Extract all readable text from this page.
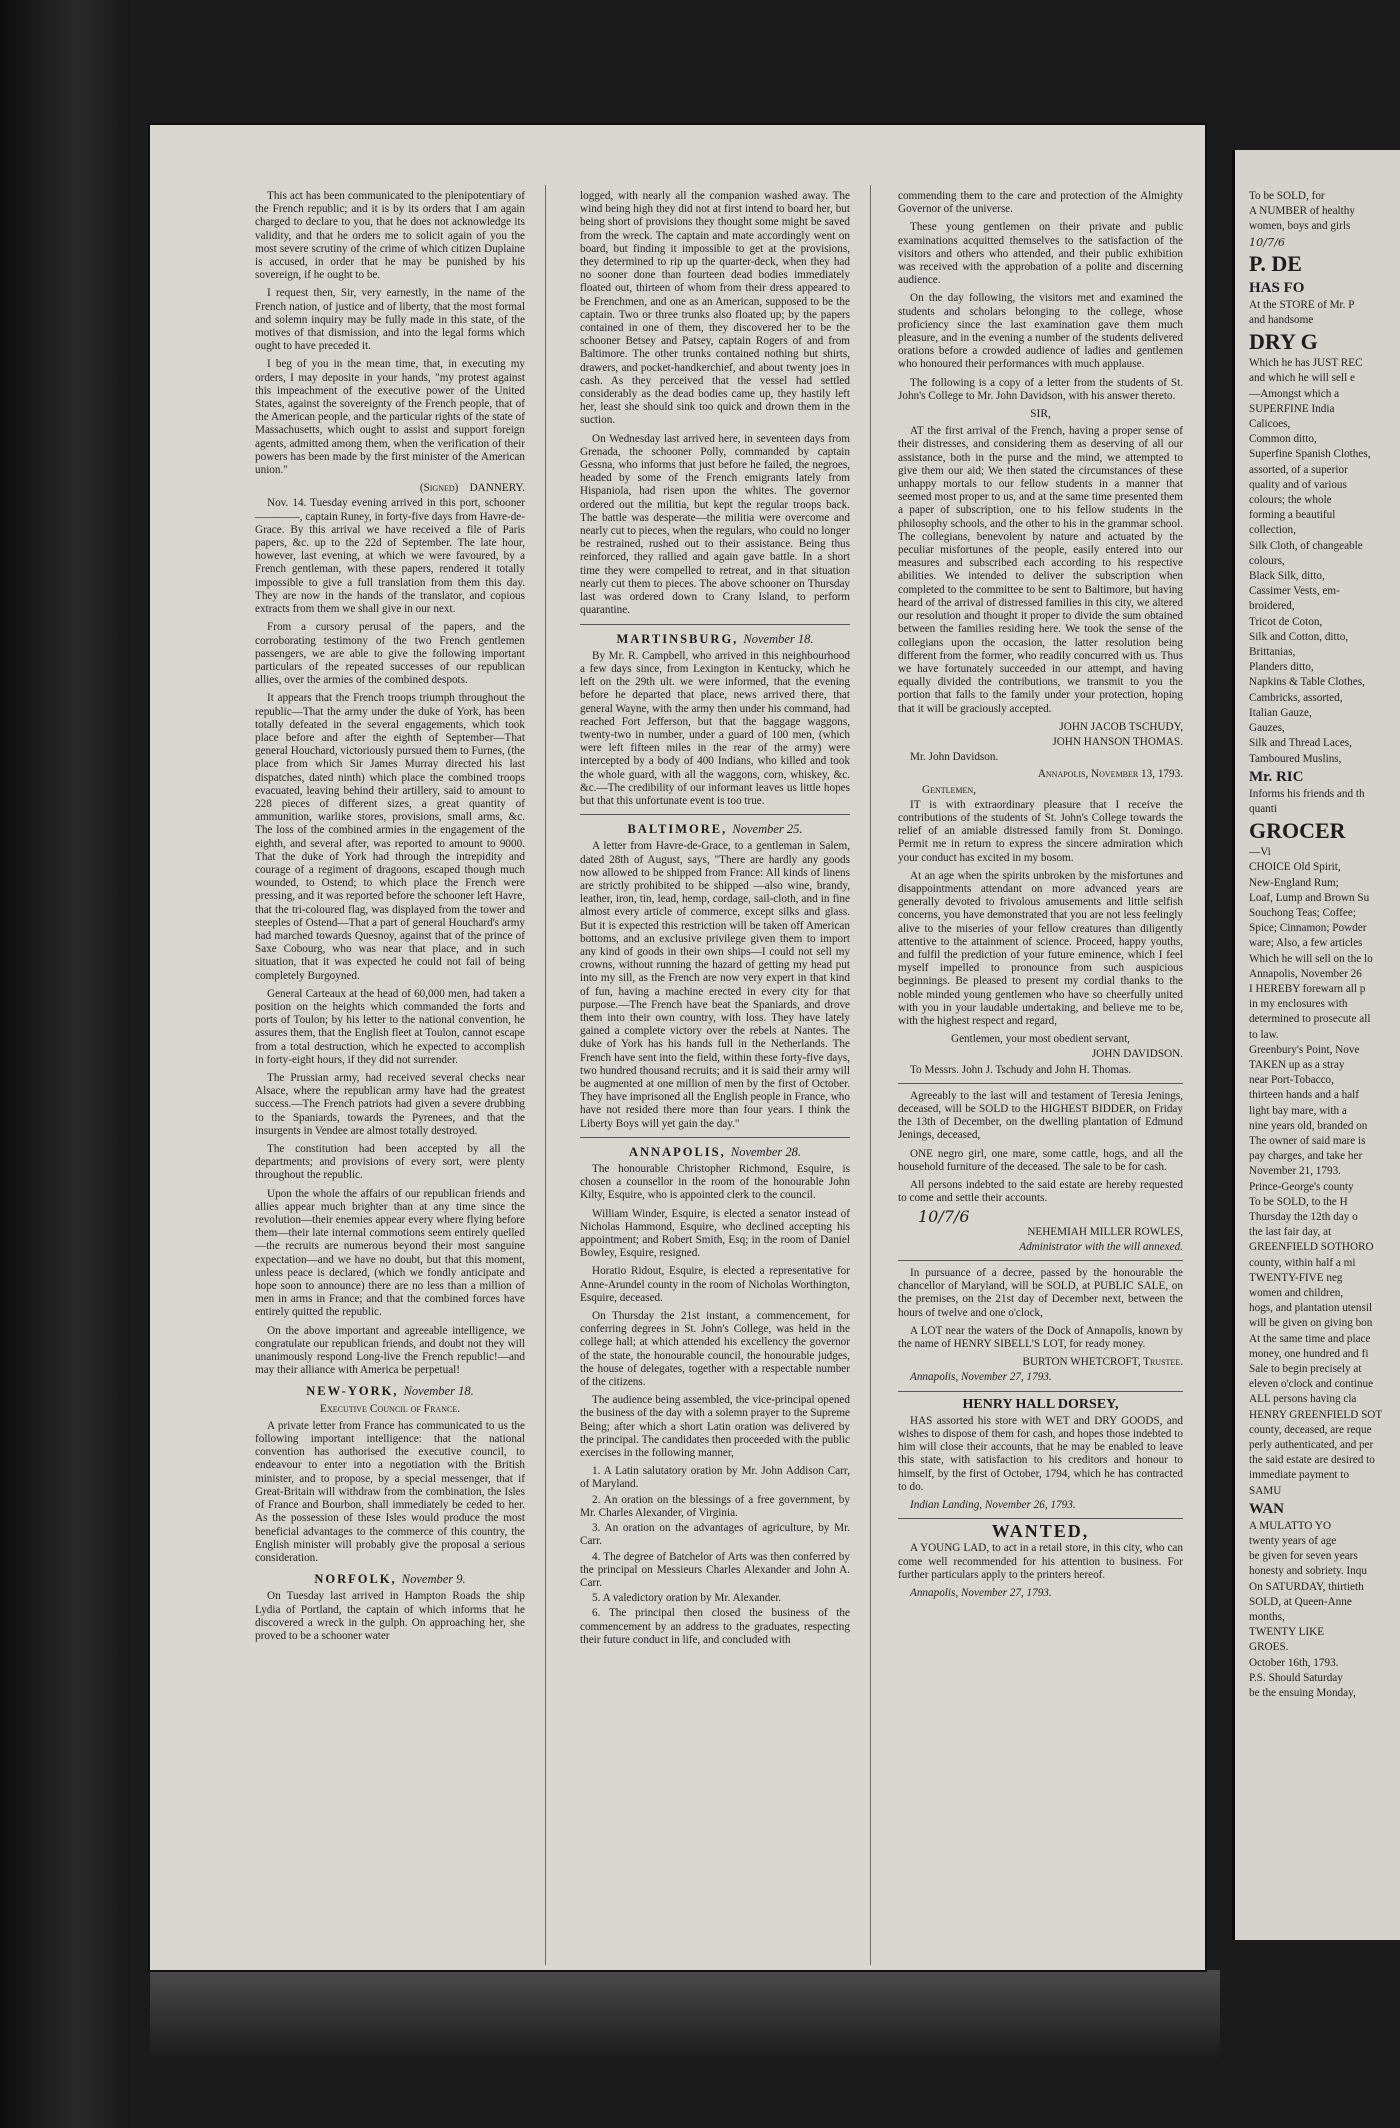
This act has been communicated to the plenipotentiary of the French republic; and it is by its orders that I am again charged to declare to you, that he does not acknowledge its validity, and that he orders me to solicit again of you the most severe scrutiny of the crime of which citizen Duplaine is accused, in order that he may be punished by his sovereign, if he ought to be.

I request then, Sir, very earnestly, in the name of the French nation, of justice and of liberty, that the most formal and solemn inquiry may be fully made in this state, of the motives of that dismission, and into the legal forms which ought to have preceded it.

I beg of you in the mean time, that, in executing my orders, I may deposite in your hands, "my protest against this impeachment of the executive power of the United States, against the sovereignty of the French people, that of the American people, and the particular rights of the state of Massachusetts, which ought to assist and support foreign agents, admitted among them, when the verification of their powers has been made by the first minister of the American union."

(Signed) DANNERY.

Nov. 14. Tuesday evening arrived in this port, schooner ————, captain Runey, in forty-five days from Havre-de-Grace. By this arrival we have received a file of Paris papers, &c. up to the 22d of September. The late hour, however, last evening, at which we were favoured, by a French gentleman, with these papers, rendered it totally impossible to give a full translation from them this day. They are now in the hands of the translator, and copious extracts from them we shall give in our next.

From a cursory perusal of the papers, and the corroborating testimony of the two French gentlemen passengers, we are able to give the following important particulars of the repeated successes of our republican allies, over the armies of the combined despots.

It appears that the French troops triumph throughout the republic—That the army under the duke of York, has been totally defeated in the several engagements, which took place before and after the eighth of September—That general Houchard, victoriously pursued them to Furnes, (the place from which Sir James Murray directed his last dispatches, dated ninth) which place the combined troops evacuated, leaving behind their artillery, said to amount to 228 pieces of different sizes, a great quantity of ammunition, warlike stores, provisions, small arms, &c. The loss of the combined armies in the engagement of the eighth, and several after, was reported to amount to 9000. That the duke of York had through the intrepidity and courage of a regiment of dragoons, escaped though much wounded, to Ostend; to which place the French were pressing, and it was reported before the schooner left Havre, that the tri-coloured flag, was displayed from the tower and steeples of Ostend—That a part of general Houchard's army had marched towards Quesnoy, against that of the prince of Saxe Cobourg, who was near that place, and in such situation, that it was expected he could not fail of being completely Burgoyned.

General Carteaux at the head of 60,000 men, had taken a position on the heights which commanded the forts and ports of Toulon; by his letter to the national convention, he assures them, that the English fleet at Toulon, cannot escape from a total destruction, which he expected to accomplish in forty-eight hours, if they did not surrender.

The Prussian army, had received several checks near Alsace, where the republican army have had the greatest success.—The French patriots had given a severe drubbing to the Spaniards, towards the Pyrenees, and that the insurgents in Vendee are almost totally destroyed.

The constitution had been accepted by all the departments; and provisions of every sort, were plenty throughout the republic.

Upon the whole the affairs of our republican friends and allies appear much brighter than at any time since the revolution—their enemies appear every where flying before them—their late internal commotions seem entirely quelled—the recruits are numerous beyond their most sanguine expectation—and we have no doubt, but that this moment, unless peace is declared, (which we fondly anticipate and hope soon to announce) there are no less than a million of men in arms in France; and that the combined forces have entirely quitted the republic.

On the above important and agreeable intelligence, we congratulate our republican friends, and doubt not they will unanimously respond Long-live the French republic!—and may their alliance with America be perpetual!

NEW-YORK, November 18.
Executive Council of France.

A private letter from France has communicated to us the following important intelligence: that the national convention has authorised the executive council, to endeavour to enter into a negotiation with the British minister, and to propose, by a special messenger, that if Great-Britain will withdraw from the combination, the Isles of France and Bourbon, shall immediately be ceded to her. As the possession of these Isles would produce the most beneficial advantages to the commerce of this country, the English minister will probably give the proposal a serious consideration.

NORFOLK, November 9.

On Tuesday last arrived in Hampton Roads the ship Lydia of Portland, the captain of which informs that he discovered a wreck in the gulph. On approaching her, she proved to be a schooner water

logged, with nearly all the companion washed away. The wind being high they did not at first intend to board her, but being short of provisions they thought some might be saved from the wreck. The captain and mate accordingly went on board, but finding it impossible to get at the provisions, they determined to rip up the quarter-deck, when they had no sooner done than fourteen dead bodies immediately floated out, thirteen of whom from their dress appeared to be Frenchmen, and one as an American, supposed to be the captain. Two or three trunks also floated up; by the papers contained in one of them, they discovered her to be the schooner Betsey and Patsey, captain Rogers of and from Baltimore. The other trunks contained nothing but shirts, drawers, and pocket-handkerchief, and about twenty joes in cash. As they perceived that the vessel had settled considerably as the dead bodies came up, they hastily left her, least she should sink too quick and drown them in the suction.

On Wednesday last arrived here, in seventeen days from Grenada, the schooner Polly, commanded by captain Gessna, who informs that just before he failed, the negroes, headed by some of the French emigrants lately from Hispaniola, had risen upon the whites. The governor ordered out the militia, but kept the regular troops back. The battle was desperate—the militia were overcome and nearly cut to pieces, when the regulars, who could no longer be restrained, rushed out to their assistance. Being thus reinforced, they rallied and again gave battle. In a short time they were compelled to retreat, and in that situation nearly cut them to pieces. The above schooner on Thursday last was ordered down to Crany Island, to perform quarantine.

MARTINSBURG, November 18.

By Mr. R. Campbell, who arrived in this neighbourhood a few days since, from Lexington in Kentucky, which he left on the 29th ult. we were informed, that the evening before he departed that place, news arrived there, that general Wayne, with the army then under his command, had reached Fort Jefferson, but that the baggage waggons, twenty-two in number, under a guard of 100 men, (which were left fifteen miles in the rear of the army) were intercepted by a body of 400 Indians, who killed and took the whole guard, with all the waggons, corn, whiskey, &c. &c.—The credibility of our informant leaves us little hopes but that this unfortunate event is too true.

BALTIMORE, November 25.

A letter from Havre-de-Grace, to a gentleman in Salem, dated 28th of August, says, "There are hardly any goods now allowed to be shipped from France: All kinds of linens are strictly prohibited to be shipped —also wine, brandy, leather, iron, tin, lead, hemp, cordage, sail-cloth, and in fine almost every article of commerce, except silks and glass. But it is expected this restriction will be taken off American bottoms, and an exclusive privilege given them to import any kind of goods in their own ships—I could not sell my crowns, without running the hazard of getting my head put into my sill, as the French are now very expert in that kind of fun, having a machine erected in every city for that purpose.—The French have beat the Spaniards, and drove them into their own country, with loss. They have lately gained a complete victory over the rebels at Nantes. The duke of York has his hands full in the Netherlands. The French have sent into the field, within these forty-five days, two hundred thousand recruits; and it is said their army will be augmented at one million of men by the first of October. They have imprisoned all the English people in France, who have not resided there more than four years. I think the Liberty Boys will yet gain the day."

ANNAPOLIS, November 28.

The honourable Christopher Richmond, Esquire, is chosen a counsellor in the room of the honourable John Kilty, Esquire, who is appointed clerk to the council.

William Winder, Esquire, is elected a senator instead of Nicholas Hammond, Esquire, who declined accepting his appointment; and Robert Smith, Esq; in the room of Daniel Bowley, Esquire, resigned.

Horatio Ridout, Esquire, is elected a representative for Anne-Arundel county in the room of Nicholas Worthington, Esquire, deceased.

On Thursday the 21st instant, a commencement, for conferring degrees in St. John's College, was held in the college hall; at which attended his excellency the governor of the state, the honourable council, the honourable judges, the house of delegates, together with a respectable number of the citizens.

The audience being assembled, the vice-principal opened the business of the day with a solemn prayer to the Supreme Being; after which a short Latin oration was delivered by the principal. The candidates then proceeded with the public exercises in the following manner,

1. A Latin salutatory oration by Mr. John Addison Carr, of Maryland.
2. An oration on the blessings of a free government, by Mr. Charles Alexander, of Virginia.
3. An oration on the advantages of agriculture, by Mr. Carr.
4. The degree of Batchelor of Arts was then conferred by the principal on Messieurs Charles Alexander and John A. Carr.
5. A valedictory oration by Mr. Alexander.
6. The principal then closed the business of the commencement by an address to the graduates, respecting their future conduct in life, and concluded with

commending them to the care and protection of the Almighty Governor of the universe.

These young gentlemen on their private and public examinations acquitted themselves to the satisfaction of the visitors and others who attended, and their public exhibition was received with the approbation of a polite and discerning audience.

On the day following, the visitors met and examined the students and scholars belonging to the college, whose proficiency since the last examination gave them much pleasure, and in the evening a number of the students delivered orations before a crowded audience of ladies and gentlemen who honoured their performances with much applause.

The following is a copy of a letter from the students of St. John's College to Mr. John Davidson, with his answer thereto.

SIR,

AT the first arrival of the French, having a proper sense of their distresses, and considering them as deserving of all our assistance, both in the purse and the mind, we attempted to give them our aid; We then stated the circumstances of these unhappy mortals to our fellow students in a manner that seemed most proper to us, and at the same time presented them a paper of subscription, one to his fellow students in the philosophy schools, and the other to his in the grammar school. The collegians, benevolent by nature and actuated by the peculiar misfortunes of the people, easily entered into our measures and subscribed each according to his respective abilities. We intended to deliver the subscription when completed to the committee to be sent to Baltimore, but having heard of the arrival of distressed families in this city, we altered our resolution and thought it proper to divide the sum obtained between the families residing here. We took the sense of the collegians upon the occasion, the latter resolution being different from the former, who readily concurred with us. Thus we have fortunately succeeded in our attempt, and having equally divided the contributions, we transmit to you the portion that falls to the family under your protection, hoping that it will be graciously accepted.

JOHN JACOB TSCHUDY,
JOHN HANSON THOMAS.
Mr. John Davidson.
Annapolis, November 13, 1793.
Gentlemen,

IT is with extraordinary pleasure that I receive the contributions of the students of St. John's College towards the relief of an amiable distressed family from St. Domingo. Permit me in return to express the sincere admiration which your conduct has excited in my bosom.

At an age when the spirits unbroken by the misfortunes and disappointments attendant on more advanced years are generally devoted to frivolous amusements and little selfish concerns, you have demonstrated that you are not less feelingly alive to the miseries of your fellow creatures than diligently attentive to the attainment of science. Proceed, happy youths, and fulfil the prediction of your future eminence, which I feel myself impelled to pronounce from such auspicious beginnings. Be pleased to present my cordial thanks to the noble minded young gentlemen who have so cheerfully united with you in your laudable undertaking, and believe me to be, with the highest respect and regard,

Gentlemen, your most obedient servant,
JOHN DAVIDSON.
To Messrs. John J. Tschudy and John H. Thomas.

Agreeably to the last will and testament of Teresia Jenings, deceased, will be SOLD to the HIGHEST BIDDER, on Friday the 13th of December, on the dwelling plantation of Edmund Jenings, deceased,

ONE negro girl, one mare, some cattle, hogs, and all the household furniture of the deceased. The sale to be for cash.

All persons indebted to the said estate are hereby requested to come and settle their accounts.

10/7/6
NEHEMIAH MILLER ROWLES,
Administrator with the will annexed.

In pursuance of a decree, passed by the honourable the chancellor of Maryland, will be SOLD, at PUBLIC SALE, on the premises, on the 21st day of December next, between the hours of twelve and one o'clock,

A LOT near the waters of the Dock of Annapolis, known by the name of HENRY SIBELL'S LOT, for ready money.

BURTON WHETCROFT, Trustee.
Annapolis, November 27, 1793.
HENRY HALL DORSEY,

HAS assorted his store with WET and DRY GOODS, and wishes to dispose of them for cash, and hopes those indebted to him will close their accounts, that he may be enabled to leave this state, with satisfaction to his creditors and honour to himself, by the first of October, 1794, which he has contracted to do.

Indian Landing, November 26, 1793.
WANTED,

A YOUNG LAD, to act in a retail store, in this city, who can come well recommended for his attention to business. For further particulars apply to the printers hereof.

Annapolis, November 27, 1793.
To be SOLD, for
A NUMBER of healthy
women, boys and girls
10/7/6
P. DE
HAS FO
At the STORE of Mr. P
and handsome
DRY G
Which he has JUST REC
and which he will sell e
—Amongst which a
SUPERFINE India
Calicoes,
Common ditto,
Superfine Spanish Clothes,
assorted, of a superior
quality and of various
colours; the whole
forming a beautiful
collection,
Silk Cloth, of changeable
colours,
Black Silk, ditto,
Cassimer Vests, em-
broidered,
Tricot de Coton,
Silk and Cotton, ditto,
Brittanias,
Planders ditto,
Napkins & Table Clothes,
Cambricks, assorted,
Italian Gauze,
Gauzes,
Silk and Thread Laces,
Tamboured Muslins,
Mr. RIC
Informs his friends and th
quanti
GROCER
—Vi
CHOICE Old Spirit,
New-England Rum;
Loaf, Lump and Brown Su
Souchong Teas; Coffee;
Spice; Cinnamon; Powder
ware; Also, a few articles
Which he will sell on the lo
Annapolis, November 26
I HEREBY forewarn all p
in my enclosures with
determined to prosecute all
to law.
Greenbury's Point, Nove
TAKEN up as a stray
near Port-Tobacco,
thirteen hands and a half
light bay mare, with a
nine years old, branded on
The owner of said mare is
pay charges, and take her
November 21, 1793.
Prince-George's county
To be SOLD, to the H
Thursday the 12th day o
the last fair day, at
GREENFIELD SOTHORO
county, within half a mi
TWENTY-FIVE neg
women and children,
hogs, and plantation utensil
will be given on giving bon
At the same time and place
money, one hundred and fi
Sale to begin precisely at
eleven o'clock and continue
ALL persons having cla
HENRY GREENFIELD SOT
county, deceased, are reque
perly authenticated, and per
the said estate are desired to
immediate payment to
SAMU
WAN
A MULATTO YO
twenty years of age
be given for seven years
honesty and sobriety. Inqu
On SATURDAY, thirtieth
SOLD, at Queen-Anne
months,
TWENTY LIKE
GROES.
October 16th, 1793.
P.S. Should Saturday
be the ensuing Monday,
